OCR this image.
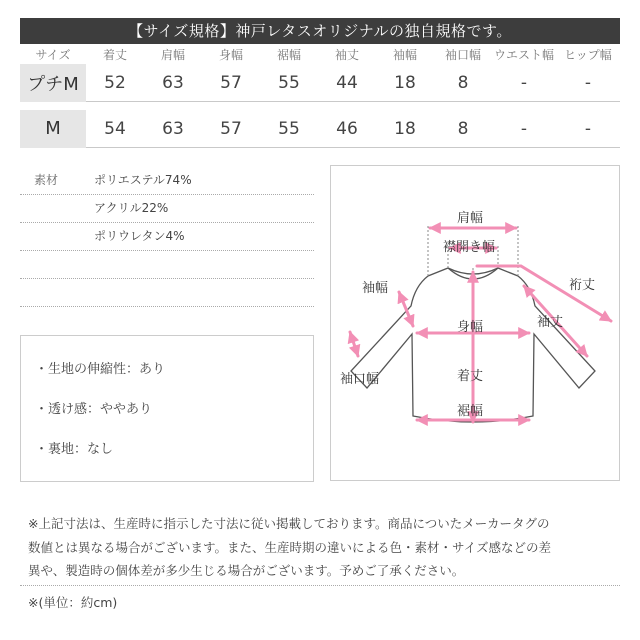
【サイズ規格】神戸レタスオリジナルの独自規格です。
サイズ	着丈	肩幅	身幅	裾幅	袖丈	袖幅	袖口幅	ウエスト幅	ヒップ幅
プチM	52	63	57	55	44	18	8	-	-

M	54	63	57	55	46	18	8	-	-
素材	ポリエステル74%
アクリル22%
ポリウレタン4%
・生地の伸縮性：あり
・透け感：ややあり
・裏地：なし
肩幅
襟開き幅
袖幅	裄丈
身幅	袖丈
袖口幅	着丈
裾幅
※上記寸法は、生産時に指示した寸法に従い掲載しております。商品についたメーカータグの
数値とは異なる場合がございます。また、生産時期の違いによる色・素材・サイズ感などの差
異や、製造時の個体差が多少生じる場合がございます。予めご了承ください。
※(単位：約cm)
